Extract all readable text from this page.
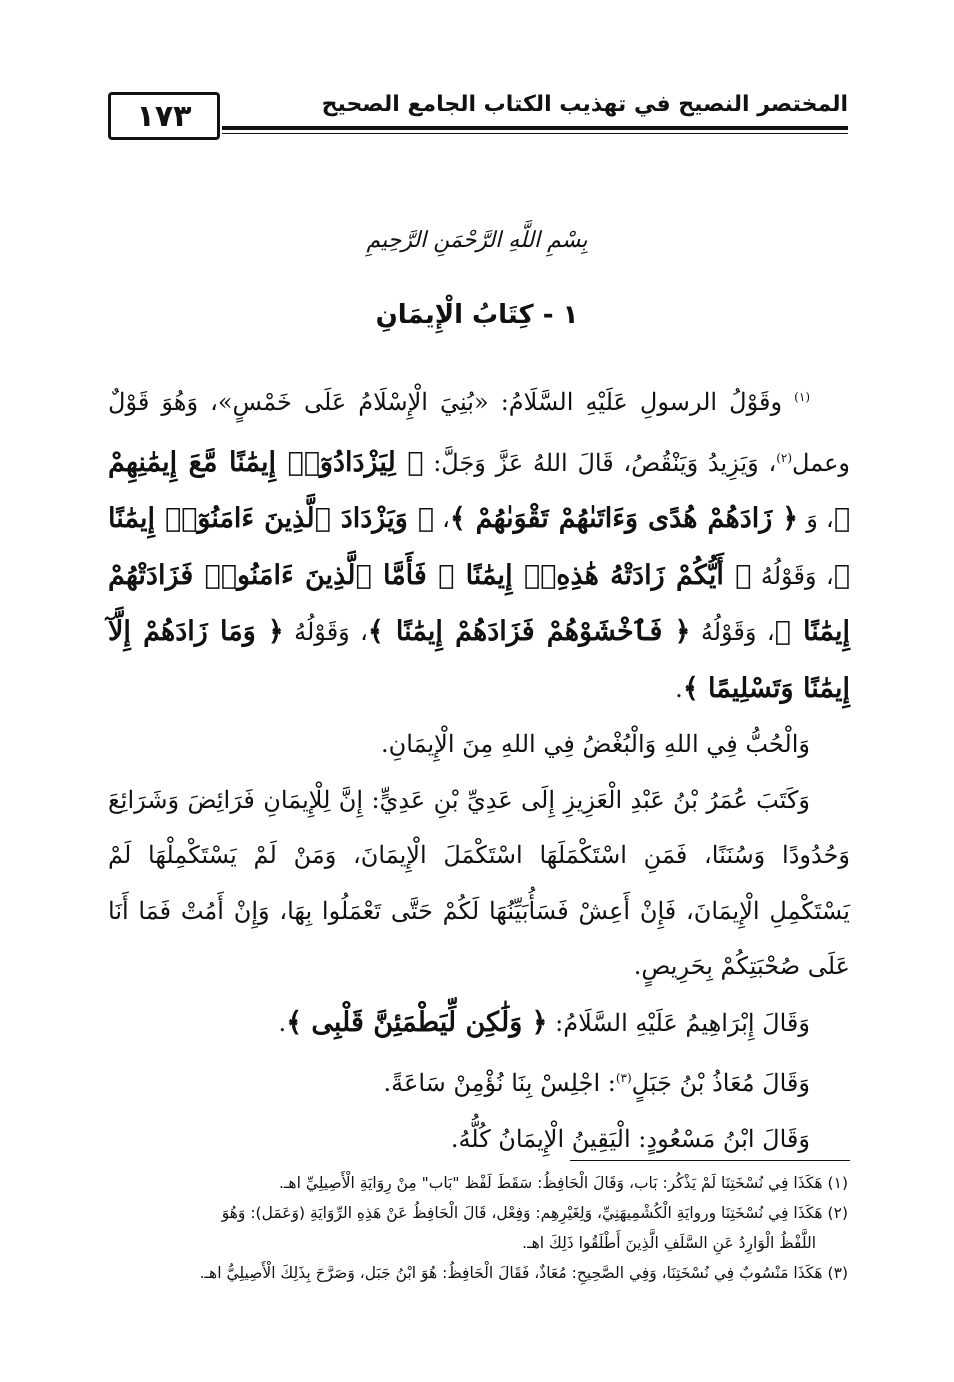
١٧٣	المختصر النصيح في تهذيب الكتاب الجامع الصحيح
بِسْمِ اللَّهِ الرَّحْمَنِ الرَّحِيمِ
١ - كِتَابُ الْإِيمَانِ

$^{(١)}$ وقَوْلُ الرسولِ عَلَيْهِ السَّلَامُ: «بُنِيَ الْإِسْلَامُ عَلَى خَمْسٍ»، وَهُوَ قَوْلٌ وعمل$^{(٢)}$، وَيَزِيدُ وَيَنْقُصُ، قَالَ اللهُ عَزَّ وَجَلَّ: ﴿ لِيَزْدَادُوٓا۟ إِيمَٰنًا مَّعَ إِيمَٰنِهِمْ ﴾، وَ ﴿ زَادَهُمْ هُدًى وَءَاتَىٰهُمْ تَقْوَىٰهُمْ ﴾، ﴿ وَيَزْدَادَ ٱلَّذِينَ ءَامَنُوٓا۟ إِيمَٰنًا ﴾، وَقَوْلُهُ ﴿ أَيُّكُمْ زَادَتْهُ هَٰذِهِۦٓ إِيمَٰنًا ۚ فَأَمَّا ٱلَّذِينَ ءَامَنُوا۟ فَزَادَتْهُمْ إِيمَٰنًا ﴾، وَقَوْلُهُ ﴿ فَٱخْشَوْهُمْ فَزَادَهُمْ إِيمَٰنًا ﴾، وَقَوْلُهُ ﴿ وَمَا زَادَهُمْ إِلَّآ إِيمَٰنًا وَتَسْلِيمًا ﴾.

وَالْحُبُّ فِي اللهِ وَالْبُغْضُ فِي اللهِ مِنَ الْإِيمَانِ.

وَكَتَبَ عُمَرُ بْنُ عَبْدِ الْعَزِيزِ إِلَى عَدِيِّ بْنِ عَدِيٍّ: إِنَّ لِلْإِيمَانِ فَرَائِضَ وَشَرَائِعَ وَحُدُودًا وَسُنَنًا، فَمَنِ اسْتَكْمَلَهَا اسْتَكْمَلَ الْإِيمَانَ، وَمَنْ لَمْ يَسْتَكْمِلْهَا لَمْ يَسْتَكْمِلِ الْإِيمَانَ، فَإِنْ أَعِشْ فَسَأُبَيِّنُهَا لَكُمْ حَتَّى تَعْمَلُوا بِهَا، وَإِنْ أَمُتْ فَمَا أَنَا عَلَى صُحْبَتِكُمْ بِحَرِيصٍ.

وَقَالَ إِبْرَاهِيمُ عَلَيْهِ السَّلَامُ: ﴿ وَلَٰكِن لِّيَطْمَئِنَّ قَلْبِى ﴾.

وَقَالَ مُعَاذُ بْنُ جَبَلٍ$^{(٣)}$: اجْلِسْ بِنَا نُؤْمِنْ سَاعَةً.

وَقَالَ ابْنُ مَسْعُودٍ: الْيَقِينُ الْإِيمَانُ كُلُّهُ.

(١) هَكَذَا فِي نُسْخَتِنَا لَمْ يَذْكُر: بَاب، وَقَالَ الْحَافِظُ: سَقَطَ لَفْظ "بَاب" مِنْ رِوَايَةِ الْأَصِيلِيِّ اهـ.

(٢) هَكَذَا فِي نُسْخَتِنَا وروايَةِ الْكُشْمِيهَنِيِّ، وَلِغَيْرِهِم: وَفِعْل، قَالَ الْحَافِظُ عَنْ هَذِهِ الرِّوَايَةِ (وَعَمَل): وَهُوَ

اللَّفْظُ الْوَارِدُ عَنِ السَّلَفِ الَّذِينَ أَطْلَقُوا ذَلِكَ اهـ.

(٣) هَكَذَا مَنْسُوبٌ فِي نُسْخَتِنَا، وَفِي الصَّحِيحِ: مُعَاذٌ، فَقَالَ الْحَافِظُ: هُوَ ابْنُ جَبَل، وَصَرَّحَ بِذَلِكَ الْأَصِيلِيُّ اهـ.
